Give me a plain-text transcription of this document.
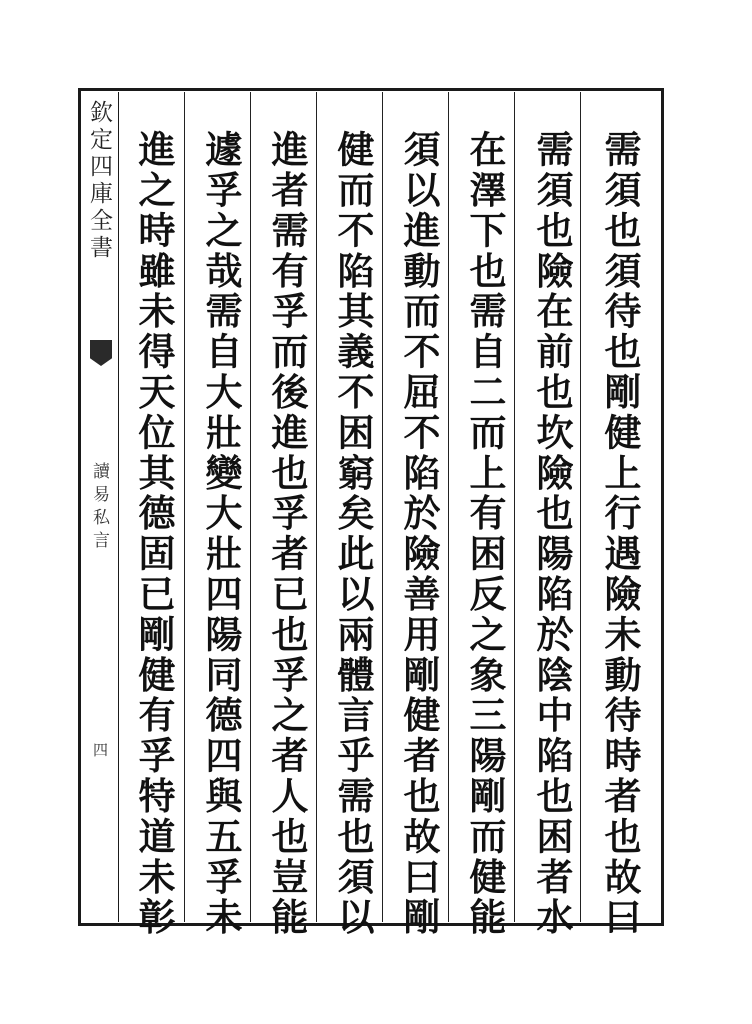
欽定四庫全書
讀易私言
四	需須也須待也剛健上行遇險未動待時者也故曰
需須也險在前也坎險也陽陷於陰中陷也困者水
在澤下也需自二而上有困反之象三陽剛而健能
須以進動而不屈不陷於險善用剛健者也故曰剛
健而不陷其義不困窮矣此以兩體言乎需也須以
進者需有孚而後進也孚者已也孚之者人也豈能
遽孚之哉需自大壯變大壯四陽同德四與五孚未
進之時雖未得天位其德固已剛健有孚特道未彰
